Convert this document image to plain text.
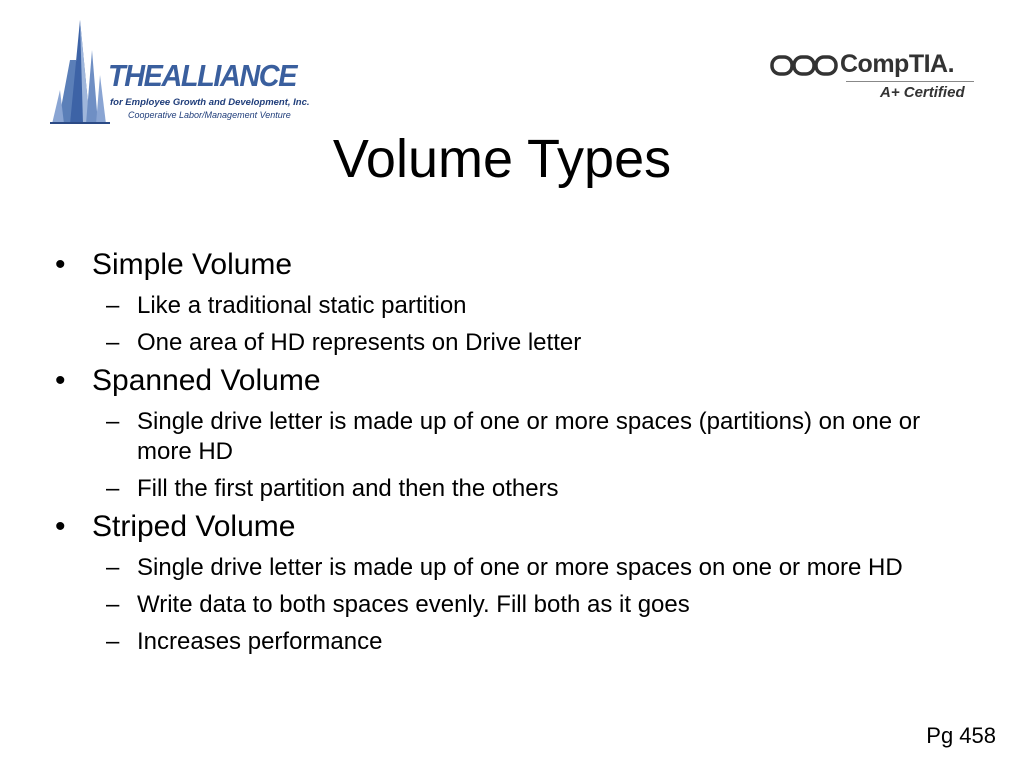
THEALLIANCE
for Employee Growth and Development, Inc.
Cooperative Labor/Management Venture
CompTIA.
A+ Certified
Volume Types
• Simple Volume
– Like a traditional static partition
– One area of HD represents on Drive letter
• Spanned Volume
– Single drive letter is made up of one or more spaces (partitions) on one or more HD
– Fill the first partition and then the others
• Striped Volume
– Single drive letter is made up of one or more spaces on one or more HD
– Write data to both spaces evenly. Fill both as it goes
– Increases performance
Pg 458
